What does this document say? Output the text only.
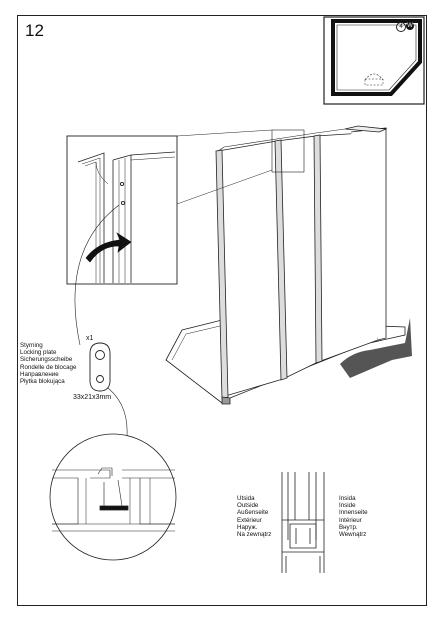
12	4 W
x1
Styrning
Locking plate
Sicherungsscheibe
Rondelle de blocage
Направление
Płytka blokująca
33x21x3mm
Utsida
Outside
Außenseite
Extérieur
Наруж.
Na zewnątrz
Insida
Inside
Innenseite
Intérieur
Внутр.
Wewnątrz
